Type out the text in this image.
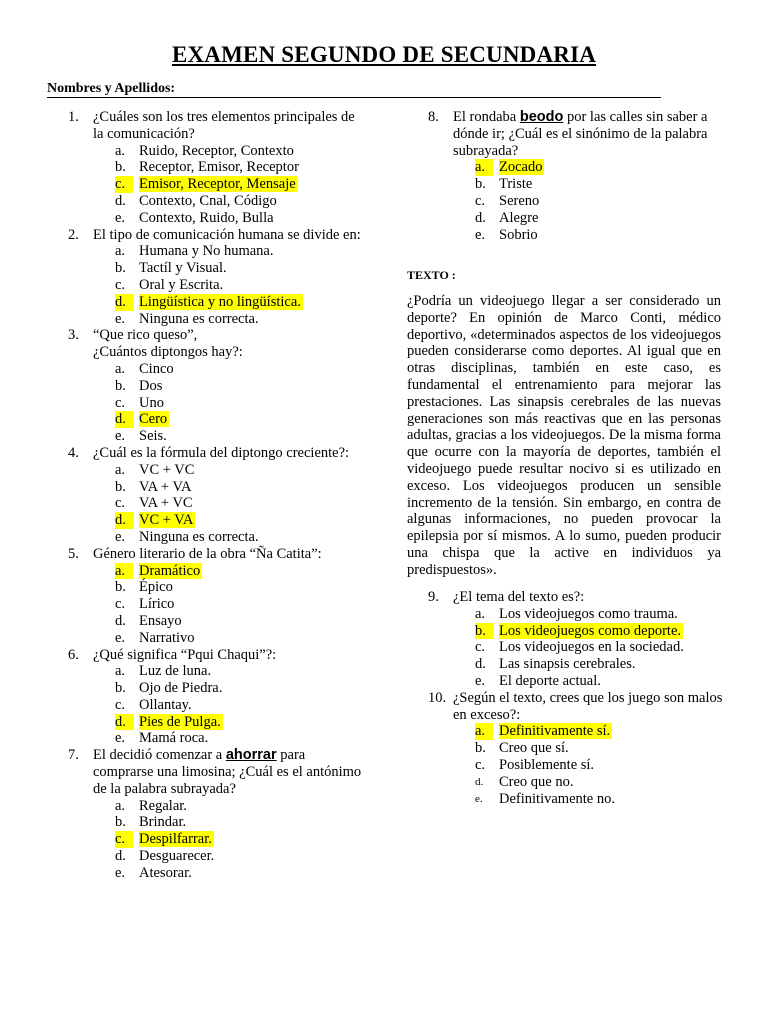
EXAMEN SEGUNDO DE SECUNDARIA
Nombres y Apellidos:
1. ¿Cuáles son los tres elementos principales de la comunicación?
a. Ruido, Receptor, Contexto
b. Receptor, Emisor, Receptor
c. Emisor, Receptor, Mensaje
d. Contexto, Cnal, Código
e. Contexto, Ruido, Bulla
2. El tipo de comunicación humana se divide en:
a. Humana y No humana.
b. Tactíl y Visual.
c. Oral y Escrita.
d. Lingüística y no lingüística.
e. Ninguna es correcta.
3. “Que rico queso”,
¿Cuántos diptongos hay?:
a. Cinco
b. Dos
c. Uno
d. Cero
e. Seis.
4. ¿Cuál es la fórmula del diptongo creciente?:
a. VC + VC
b. VA + VA
c. VA + VC
d. VC + VA
e. Ninguna es correcta.
5. Género literario de la obra “Ña Catita”:
a. Dramático
b. Épico
c. Lírico
d. Ensayo
e. Narrativo
6. ¿Qué significa “Pqui Chaqui”?:
a. Luz de luna.
b. Ojo de Piedra.
c. Ollantay.
d. Pies de Pulga.
e. Mamá roca.
7. El decidió comenzar a ahorrar para comprarse una limosina; ¿Cuál es el antónimo de la palabra subrayada?
a. Regalar.
b. Brindar.
c. Despilfarrar.
d. Desguarecer.
e. Atesorar.
8. El rondaba beodo por las calles sin saber a dónde ir; ¿Cuál es el sinónimo de la palabra subrayada?
a. Zocado
b. Triste
c. Sereno
d. Alegre
e. Sobrio
TEXTO :
¿Podría un videojuego llegar a ser considerado un deporte? En opinión de Marco Conti, médico deportivo, «determinados aspectos de los videojuegos pueden considerarse como deportes. Al igual que en otras disciplinas, también en este caso, es fundamental el entrenamiento para mejorar las prestaciones. Las sinapsis cerebrales de las nuevas generaciones son más reactivas que en las personas adultas, gracias a los videojuegos. De la misma forma que ocurre con la mayoría de deportes, también el videojuego puede resultar nocivo si es utilizado en exceso. Los videojuegos producen un sensible incremento de la tensión. Sin embargo, en contra de algunas informaciones, no pueden provocar la epilepsia por sí mismos. A lo sumo, pueden producir una chispa que la active en individuos ya predispuestos».
9. ¿El tema del texto es?:
a. Los videojuegos como trauma.
b. Los videojuegos como deporte.
c. Los videojuegos en la sociedad.
d. Las sinapsis cerebrales.
e. El deporte actual.
10. ¿Según el texto, crees que los juego son malos en exceso?:
a. Definitivamente sí.
b. Creo que sí.
c. Posiblemente sí.
d. Creo que no.
e. Definitivamente no.
